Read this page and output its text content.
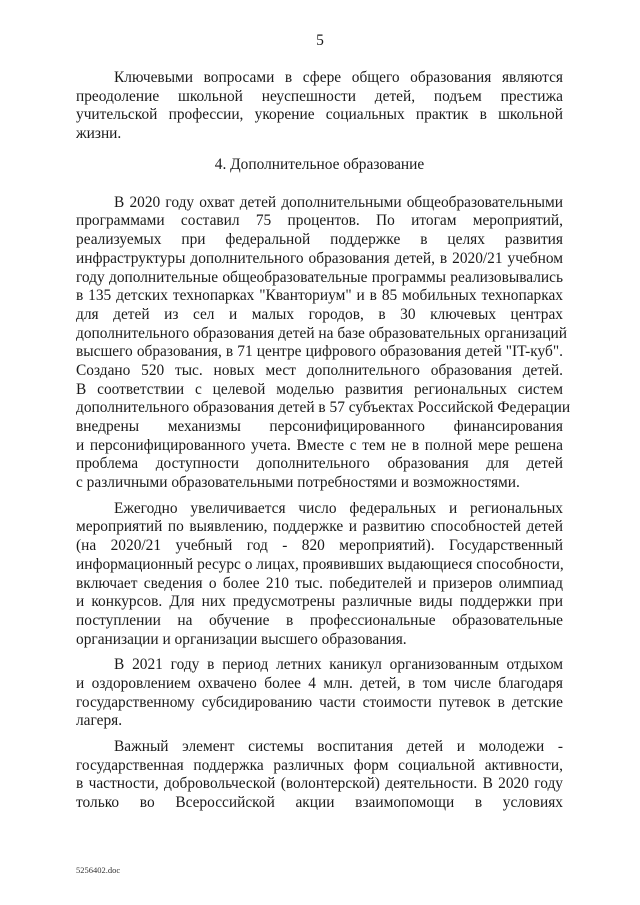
5
Ключевыми вопросами в сфере общего образования являются
преодоление школьной неуспешности детей, подъем престижа
учительской профессии, укорение социальных практик в школьной
жизни.
4. Дополнительное образование
В 2020 году охват детей дополнительными общеобразовательными
программами составил 75 процентов. По итогам мероприятий,
реализуемых при федеральной поддержке в целях развития
инфраструктуры дополнительного образования детей, в 2020/21 учебном
году дополнительные общеобразовательные программы реализовывались
в 135 детских технопарках "Кванториум" и в 85 мобильных технопарках
для детей из сел и малых городов, в 30 ключевых центрах
дополнительного образования детей на базе образовательных организаций
высшего образования, в 71 центре цифрового образования детей "IT-куб".
Создано 520 тыс. новых мест дополнительного образования детей.
В соответствии с целевой моделью развития региональных систем
дополнительного образования детей в 57 субъектах Российской Федерации
внедрены механизмы персонифицированного финансирования
и персонифицированного учета. Вместе с тем не в полной мере решена
проблема доступности дополнительного образования для детей
с различными образовательными потребностями и возможностями.
Ежегодно увеличивается число федеральных и региональных
мероприятий по выявлению, поддержке и развитию способностей детей
(на 2020/21 учебный год - 820 мероприятий). Государственный
информационный ресурс о лицах, проявивших выдающиеся способности,
включает сведения о более 210 тыс. победителей и призеров олимпиад
и конкурсов. Для них предусмотрены различные виды поддержки при
поступлении на обучение в профессиональные образовательные
организации и организации высшего образования.
В 2021 году в период летних каникул организованным отдыхом
и оздоровлением охвачено более 4 млн. детей, в том числе благодаря
государственному субсидированию части стоимости путевок в детские
лагеря.
Важный элемент системы воспитания детей и молодежи -
государственная поддержка различных форм социальной активности,
в частности, добровольческой (волонтерской) деятельности. В 2020 году
только во Всероссийской акции взаимопомощи в условиях
5256402.doc
